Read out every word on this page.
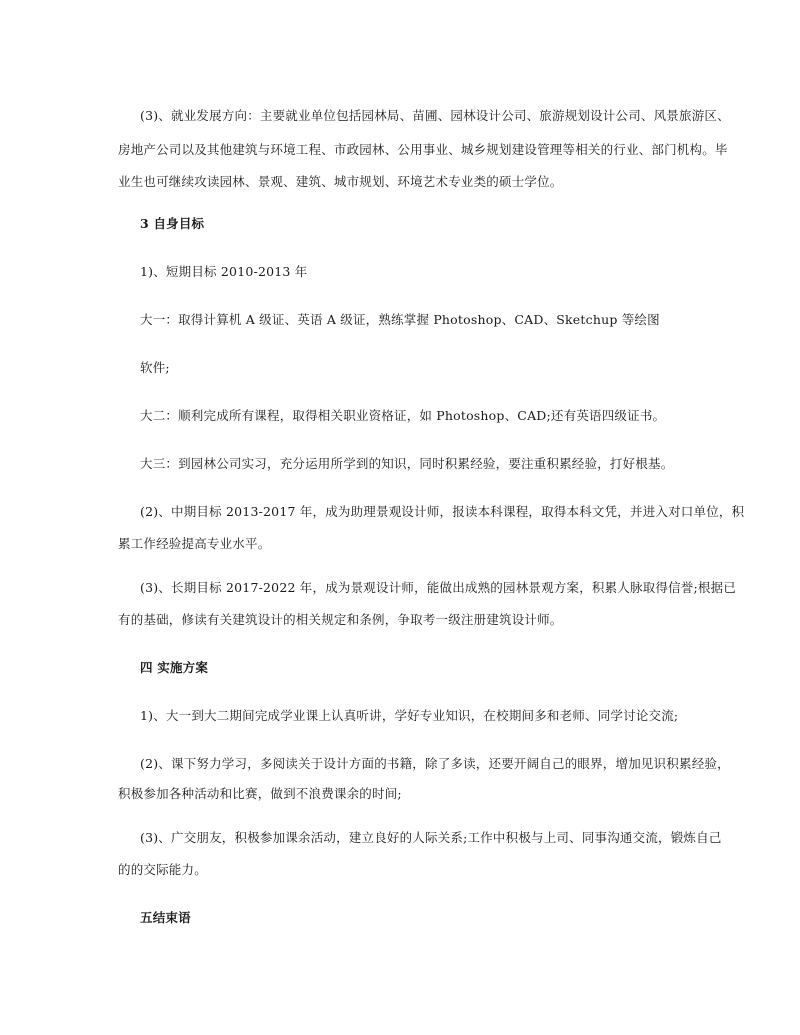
(3)、就业发展方向：主要就业单位包括园林局、苗圃、园林设计公司、旅游规划设计公司、风景旅游区、
房地产公司以及其他建筑与环境工程、市政园林、公用事业、城乡规划建设管理等相关的行业、部门机构。毕
业生也可继续攻读园林、景观、建筑、城市规划、环境艺术专业类的硕士学位。
3 自身目标
1)、短期目标 2010-2013 年
大一：取得计算机 A 级证、英语 A 级证，熟练掌握 Photoshop、CAD、Sketchup 等绘图
软件;
大二：顺利完成所有课程，取得相关职业资格证，如 Photoshop、CAD;还有英语四级证书。
大三：到园林公司实习，充分运用所学到的知识，同时积累经验，要注重积累经验，打好根基。
(2)、中期目标 2013-2017 年，成为助理景观设计师，报读本科课程，取得本科文凭，并进入对口单位，积
累工作经验提高专业水平。
(3)、长期目标 2017-2022 年，成为景观设计师，能做出成熟的园林景观方案，积累人脉取得信誉;根据已
有的基础，修读有关建筑设计的相关规定和条例，争取考一级注册建筑设计师。
四 实施方案
1)、大一到大二期间完成学业课上认真听讲，学好专业知识，在校期间多和老师、同学讨论交流;
(2)、课下努力学习，多阅读关于设计方面的书籍，除了多读，还要开阔自己的眼界，增加见识积累经验，
积极参加各种活动和比赛，做到不浪费课余的时间;
(3)、广交朋友，积极参加课余活动，建立良好的人际关系;工作中积极与上司、同事沟通交流，锻炼自己
的的交际能力。
五结束语
